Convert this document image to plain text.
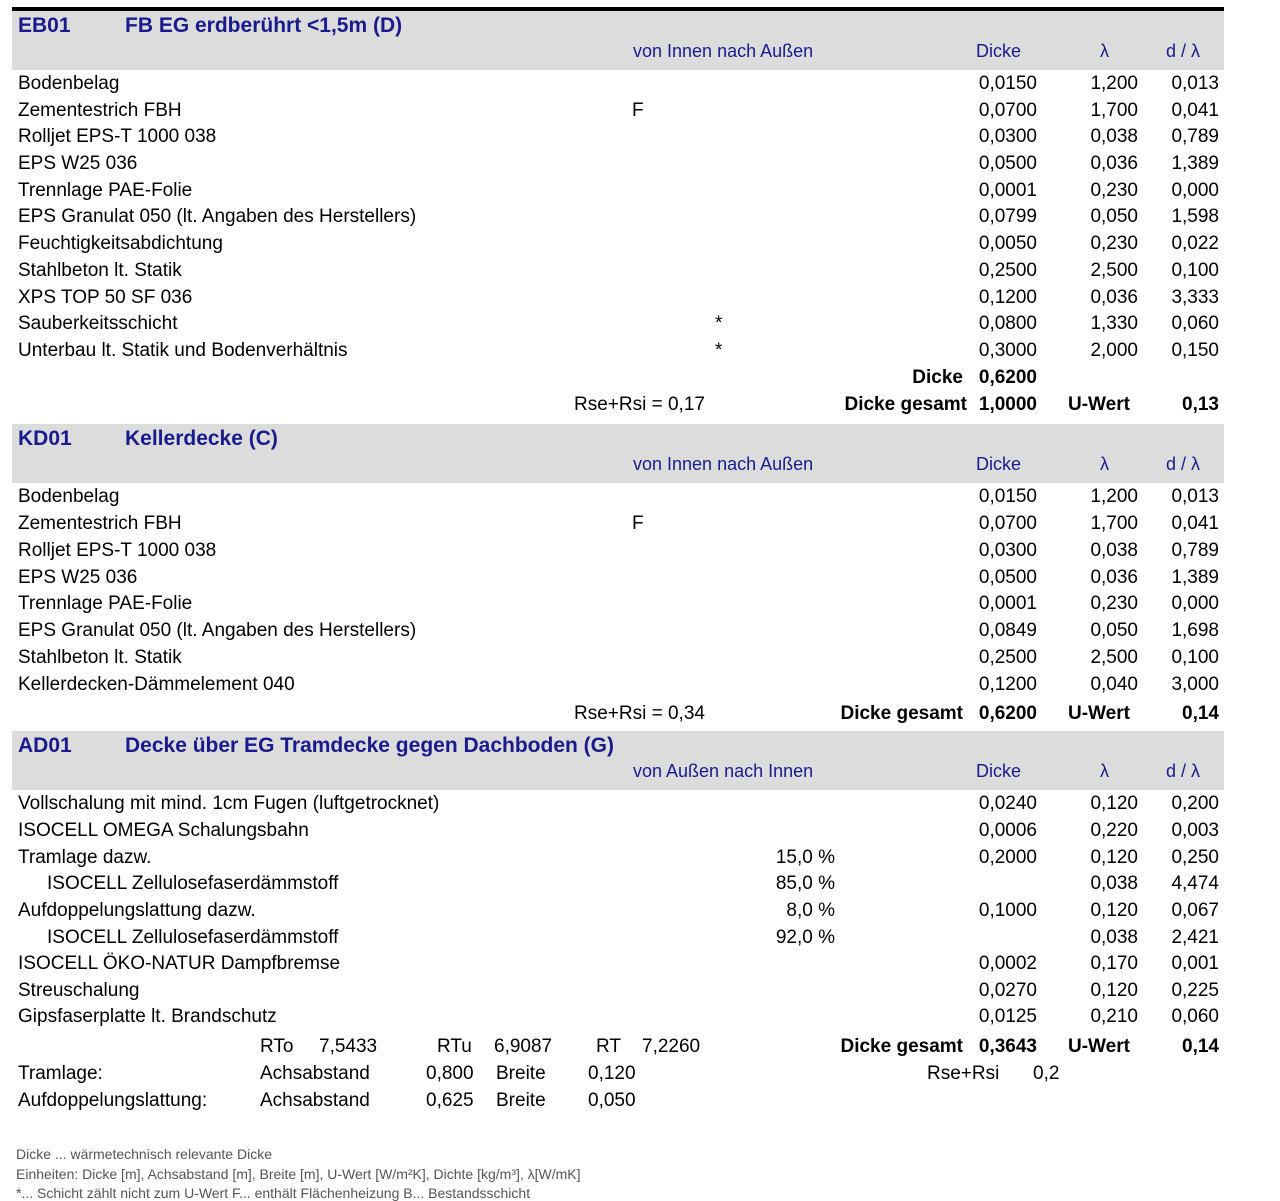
EB01	FB EG erdberührt <1,5m (D)
von Innen nach Außen	Dicke	λ	d / λ
Bodenbelag	0,0150	1,200 0,013
Zementestrich FBH	F	0,0700	1,700 0,041
Rolljet EPS-T 1000 038	0,0300	0,038 0,789
EPS W25 036	0,0500	0,036 1,389
Trennlage PAE-Folie	0,0001	0,230 0,000
EPS Granulat 050 (lt. Angaben des Herstellers)	0,0799	0,050 1,598
Feuchtigkeitsabdichtung	0,0050	0,230 0,022
Stahlbeton lt. Statik	0,2500	2,500 0,100
XPS TOP 50 SF 036	0,1200	0,036 3,333
Sauberkeitsschicht	*	0,0800	1,330 0,060
Unterbau lt. Statik und Bodenverhältnis	*	0,3000	2,000 0,150
Dicke 0,6200
Rse+Rsi = 0,17	Dicke gesamt 1,0000 U-Wert	0,13
KD01	Kellerdecke (C)
von Innen nach Außen	Dicke	λ	d / λ
Bodenbelag	0,0150	1,200 0,013
Zementestrich FBH	F	0,0700	1,700 0,041
Rolljet EPS-T 1000 038	0,0300	0,038 0,789
EPS W25 036	0,0500	0,036 1,389
Trennlage PAE-Folie	0,0001	0,230 0,000
EPS Granulat 050 (lt. Angaben des Herstellers)	0,0849	0,050 1,698
Stahlbeton lt. Statik	0,2500	2,500 0,100
Kellerdecken-Dämmelement 040	0,1200	0,040 3,000
Rse+Rsi = 0,34	Dicke gesamt 0,6200 U-Wert	0,14
AD01	Decke über EG Tramdecke gegen Dachboden (G)
von Außen nach Innen	Dicke	λ	d / λ
Vollschalung mit mind. 1cm Fugen (luftgetrocknet)	0,0240	0,120 0,200
ISOCELL OMEGA Schalungsbahn	0,0006	0,220 0,003
Tramlage dazw.	15,0 %	0,2000	0,120 0,250
ISOCELL Zellulosefaserdämmstoff	85,0 %	0,038 4,474
Aufdoppelungslattung dazw.	8,0 %	0,1000	0,120 0,067
ISOCELL Zellulosefaserdämmstoff	92,0 %	0,038 2,421
ISOCELL ÖKO-NATUR Dampfbremse	0,0002	0,170 0,001
Streuschalung	0,0270	0,120 0,225
Gipsfaserplatte lt. Brandschutz	0,0125	0,210 0,060
RTo 7,5433	RTu 6,9087 RT 7,2260	Dicke gesamt 0,3643 U-Wert	0,14
Tramlage:	Achsabstand	0,800 Breite 0,120	Rse+Rsi 0,2
Aufdoppelungslattung:	Achsabstand	0,625 Breite 0,050
Dicke ... wärmetechnisch relevante Dicke
Einheiten: Dicke [m], Achsabstand [m], Breite [m], U-Wert [W/m²K], Dichte [kg/m³], λ[W/mK]
*... Schicht zählt nicht zum U-Wert F... enthält Flächenheizung B... Bestandsschicht
